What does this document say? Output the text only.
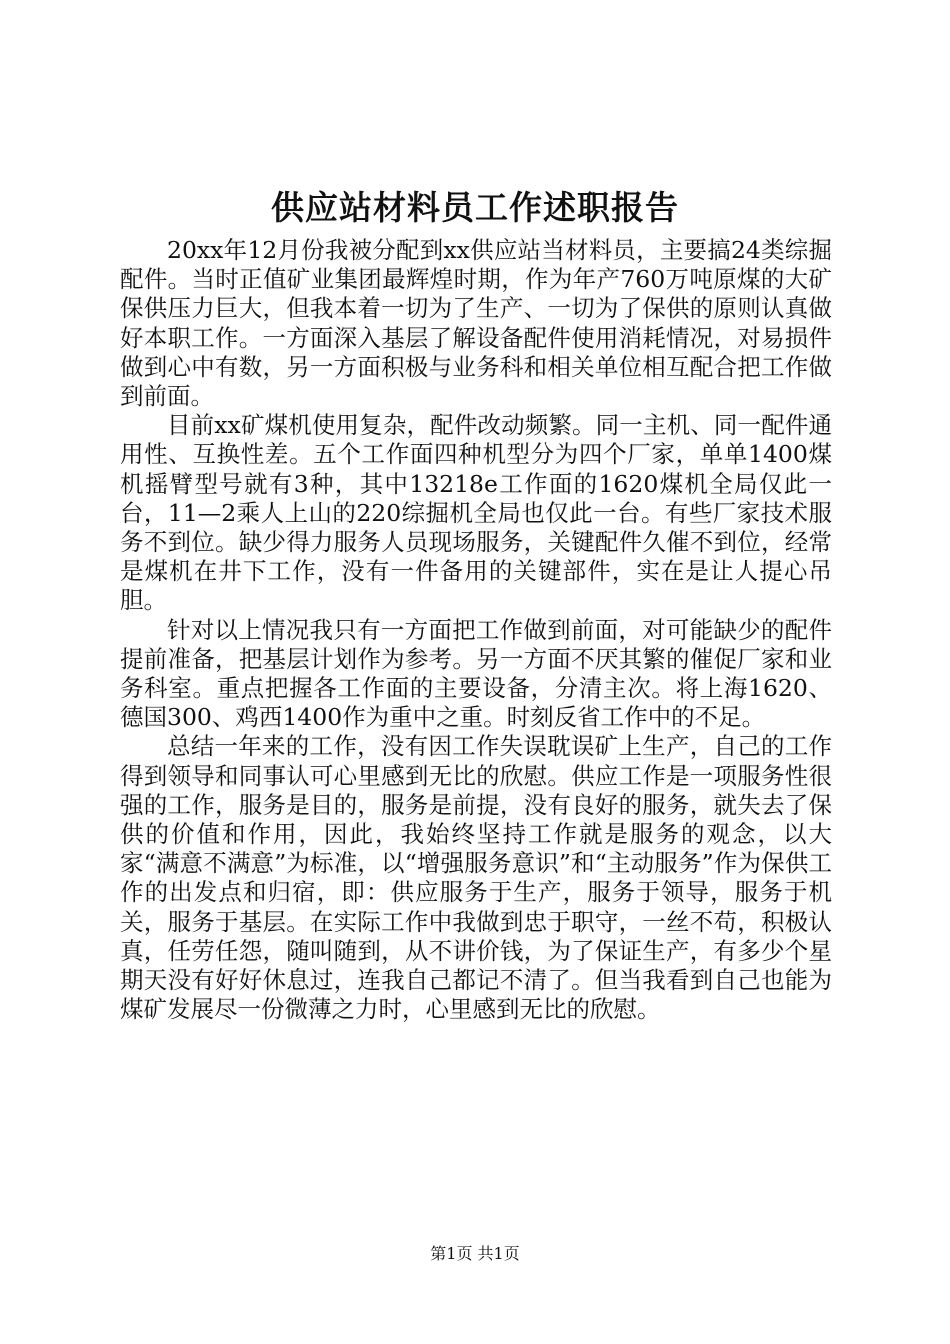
供应站材料员工作述职报告

20xx年12月份我被分配到xx供应站当材料员，主要搞24类综掘配件。当时正值矿业集团最辉煌时期，作为年产760万吨原煤的大矿保供压力巨大，但我本着一切为了生产、一切为了保供的原则认真做好本职工作。一方面深入基层了解设备配件使用消耗情况，对易损件做到心中有数，另一方面积极与业务科和相关单位相互配合把工作做到前面。

目前xx矿煤机使用复杂，配件改动频繁。同一主机、同一配件通用性、互换性差。五个工作面四种机型分为四个厂家，单单1400煤机摇臂型号就有3种，其中13218e工作面的1620煤机全局仅此一台，11—2乘人上山的220综掘机全局也仅此一台。有些厂家技术服务不到位。缺少得力服务人员现场服务，关键配件久催不到位，经常是煤机在井下工作，没有一件备用的关键部件，实在是让人提心吊胆。

针对以上情况我只有一方面把工作做到前面，对可能缺少的配件提前准备，把基层计划作为参考。另一方面不厌其繁的催促厂家和业务科室。重点把握各工作面的主要设备，分清主次。将上海1620、德国300、鸡西1400作为重中之重。时刻反省工作中的不足。

总结一年来的工作，没有因工作失误耽误矿上生产，自己的工作得到领导和同事认可心里感到无比的欣慰。供应工作是一项服务性很强的工作，服务是目的，服务是前提，没有良好的服务，就失去了保供的价值和作用，因此，我始终坚持工作就是服务的观念，以大家“满意不满意”为标准，以“增强服务意识”和“主动服务”作为保供工作的出发点和归宿，即：供应服务于生产，服务于领导，服务于机关，服务于基层。在实际工作中我做到忠于职守，一丝不苟，积极认真，任劳任怨，随叫随到，从不讲价钱，为了保证生产，有多少个星期天没有好好休息过，连我自己都记不清了。但当我看到自己也能为煤矿发展尽一份微薄之力时，心里感到无比的欣慰。

第1页 共1页
